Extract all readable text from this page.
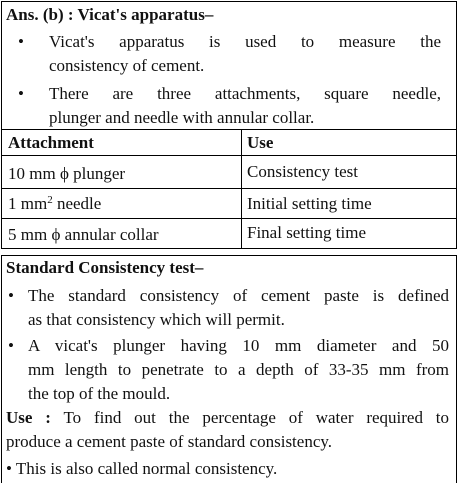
Ans. (b) : Vicat's apparatus–
• Vicat's apparatus is used to measure the
consistency of cement.
• There are three attachments, square needle,
plunger and needle with annular collar.
Attachment	Use
10 mm ϕ plunger	Consistency test
1 $mm^2$ needle	Initial setting time
5 mm ϕ annular collar	Final setting time
Standard Consistency test–
• The standard consistency of cement paste is defined
as that consistency which will permit.
• A vicat's plunger having 10 mm diameter and 50
mm length to penetrate to a depth of 33-35 mm from
the top of the mould.
Use : To find out the percentage of water required to
produce a cement paste of standard consistency.
• This is also called normal consistency.
